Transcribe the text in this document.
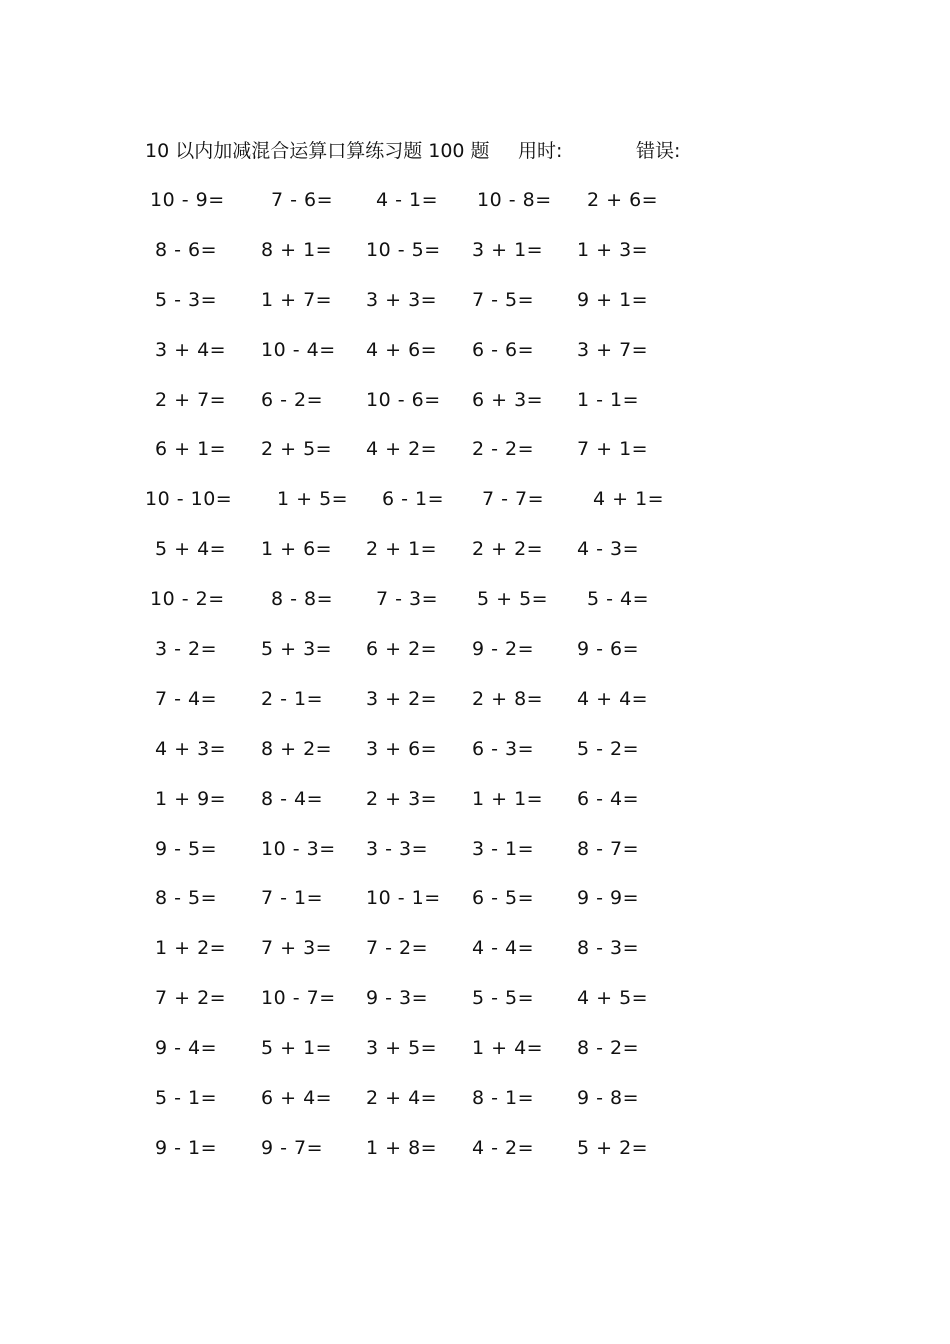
10 以内加减混合运算口算练习题 100 题 用时:	错误:
10 - 9= 7 - 6= 4 - 1= 10 - 8= 2 + 6=
8 - 6= 8 + 1= 10 - 5= 3 + 1= 1 + 3=
5 - 3= 1 + 7= 3 + 3= 7 - 5= 9 + 1=
3 + 4= 10 - 4= 4 + 6= 6 - 6= 3 + 7=
2 + 7= 6 - 2= 10 - 6= 6 + 3= 1 - 1=
6 + 1= 2 + 5= 4 + 2= 2 - 2= 7 + 1=
10 - 10= 1 + 5= 6 - 1= 7 - 7=	4 + 1=
5 + 4= 1 + 6= 2 + 1= 2 + 2= 4 - 3=
10 - 2= 8 - 8= 7 - 3= 5 + 5= 5 - 4=
3 - 2= 5 + 3= 6 + 2= 9 - 2= 9 - 6=
7 - 4= 2 - 1= 3 + 2= 2 + 8= 4 + 4=
4 + 3= 8 + 2= 3 + 6= 6 - 3= 5 - 2=
1 + 9= 8 - 4= 2 + 3= 1 + 1= 6 - 4=
9 - 5= 10 - 3= 3 - 3= 3 - 1= 8 - 7=
8 - 5= 7 - 1= 10 - 1= 6 - 5= 9 - 9=
1 + 2= 7 + 3= 7 - 2= 4 - 4= 8 - 3=
7 + 2= 10 - 7= 9 - 3= 5 - 5= 4 + 5=
9 - 4= 5 + 1= 3 + 5= 1 + 4= 8 - 2=
5 - 1= 6 + 4= 2 + 4= 8 - 1= 9 - 8=
9 - 1= 9 - 7= 1 + 8= 4 - 2= 5 + 2=
